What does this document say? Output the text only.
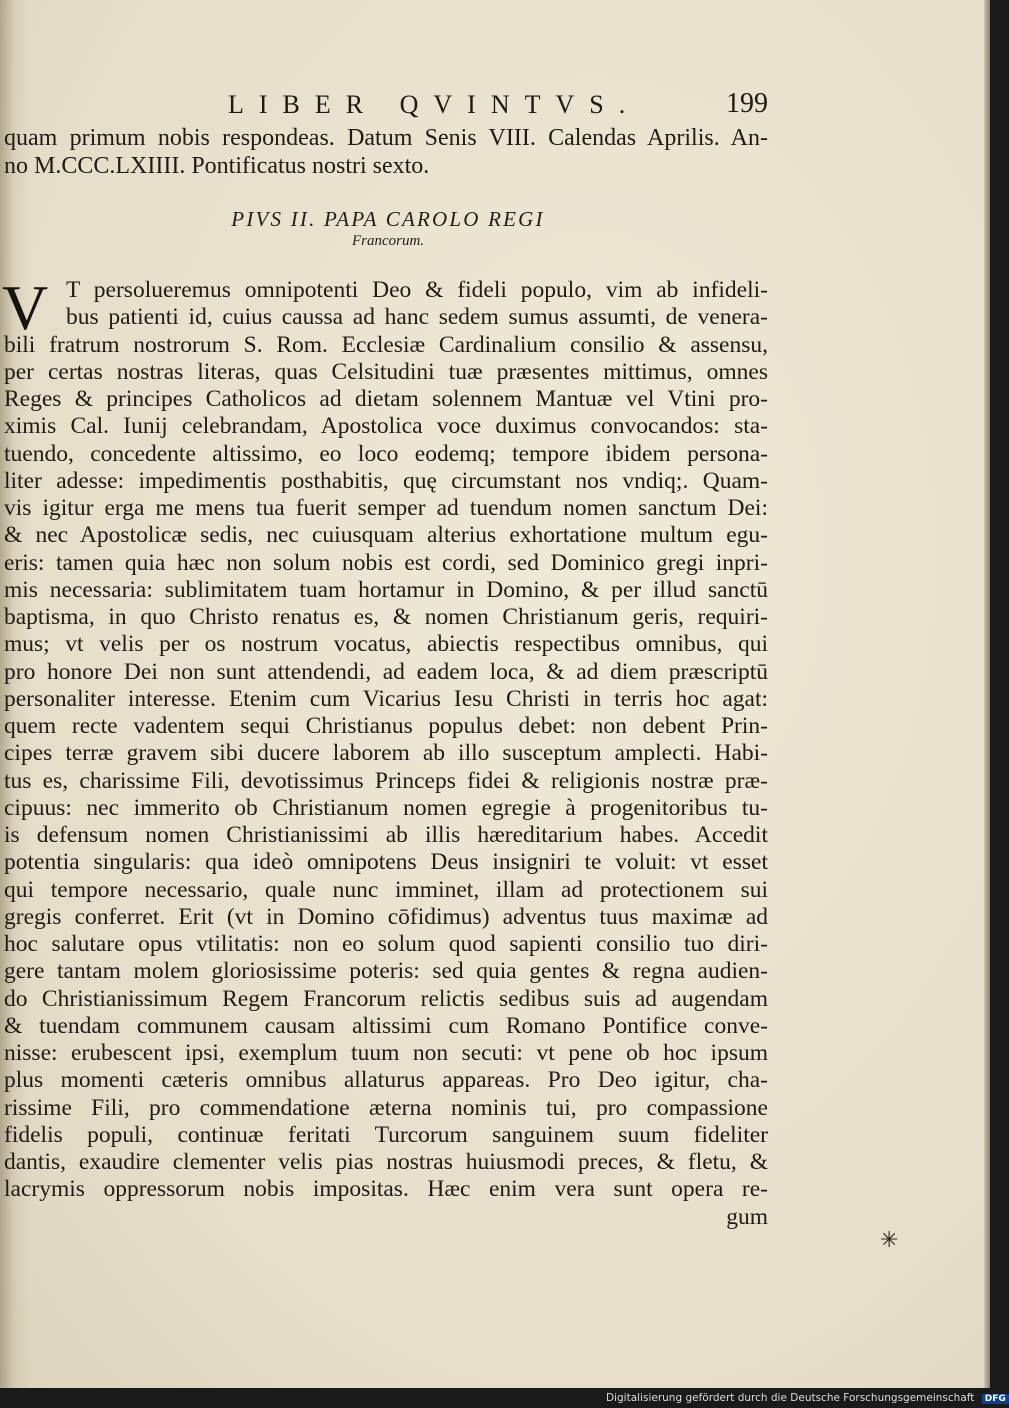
LIBER QVINTVS.	199
quam primum nobis respondeas. Datum Senis VIII. Calendas Aprilis. An-
no M.CCC.LXIIII. Pontificatus nostri sexto.
PIVS II. PAPA CAROLO REGI
Francorum.
V T persolueremus omnipotenti Deo & fideli populo, vim ab infideli-
bus patienti id, cuius caussa ad hanc sedem sumus assumti, de venera-
bili fratrum nostrorum S. Rom. Ecclesiæ Cardinalium consilio & assensu,
per certas nostras literas, quas Celsitudini tuæ præsentes mittimus, omnes
Reges & principes Catholicos ad dietam solennem Mantuæ vel Vtini pro-
ximis Cal. Iunij celebrandam, Apostolica voce duximus convocandos: sta-
tuendo, concedente altissimo, eo loco eodemq; tempore ibidem persona-
liter adesse: impedimentis posthabitis, quę circumstant nos vndiq;. Quam-
vis igitur erga me mens tua fuerit semper ad tuendum nomen sanctum Dei:
& nec Apostolicæ sedis, nec cuiusquam alterius exhortatione multum egu-
eris: tamen quia hæc non solum nobis est cordi, sed Dominico gregi inpri-
mis necessaria: sublimitatem tuam hortamur in Domino, & per illud sanctū
baptisma, in quo Christo renatus es, & nomen Christianum geris, requiri-
mus; vt velis per os nostrum vocatus, abiectis respectibus omnibus, qui
pro honore Dei non sunt attendendi, ad eadem loca, & ad diem præscriptū
personaliter interesse. Etenim cum Vicarius Iesu Christi in terris hoc agat:
quem recte vadentem sequi Christianus populus debet: non debent Prin-
cipes terræ gravem sibi ducere laborem ab illo susceptum amplecti. Habi-
tus es, charissime Fili, devotissimus Princeps fidei & religionis nostræ præ-
cipuus: nec immerito ob Christianum nomen egregie à progenitoribus tu-
is defensum nomen Christianissimi ab illis hæreditarium habes. Accedit
potentia singularis: qua ideò omnipotens Deus insigniri te voluit: vt esset
qui tempore necessario, quale nunc imminet, illam ad protectionem sui
gregis conferret. Erit (vt in Domino cōfidimus) adventus tuus maximæ ad
hoc salutare opus vtilitatis: non eo solum quod sapienti consilio tuo diri-
gere tantam molem gloriosissime poteris: sed quia gentes & regna audien-
do Christianissimum Regem Francorum relictis sedibus suis ad augendam
& tuendam communem causam altissimi cum Romano Pontifice conve-
nisse: erubescent ipsi, exemplum tuum non secuti: vt pene ob hoc ipsum
plus momenti cæteris omnibus allaturus appareas. Pro Deo igitur, cha-
rissime Fili, pro commendatione æterna nominis tui, pro compassione
fidelis populi, continuæ feritati Turcorum sanguinem suum fideliter
dantis, exaudire clementer velis pias nostras huiusmodi preces, & fletu, &
lacrymis oppressorum nobis impositas. Hæc enim vera sunt opera re-
gum
✳
Digitalisierung gefördert durch die Deutsche Forschungsgemeinschaft DFG
